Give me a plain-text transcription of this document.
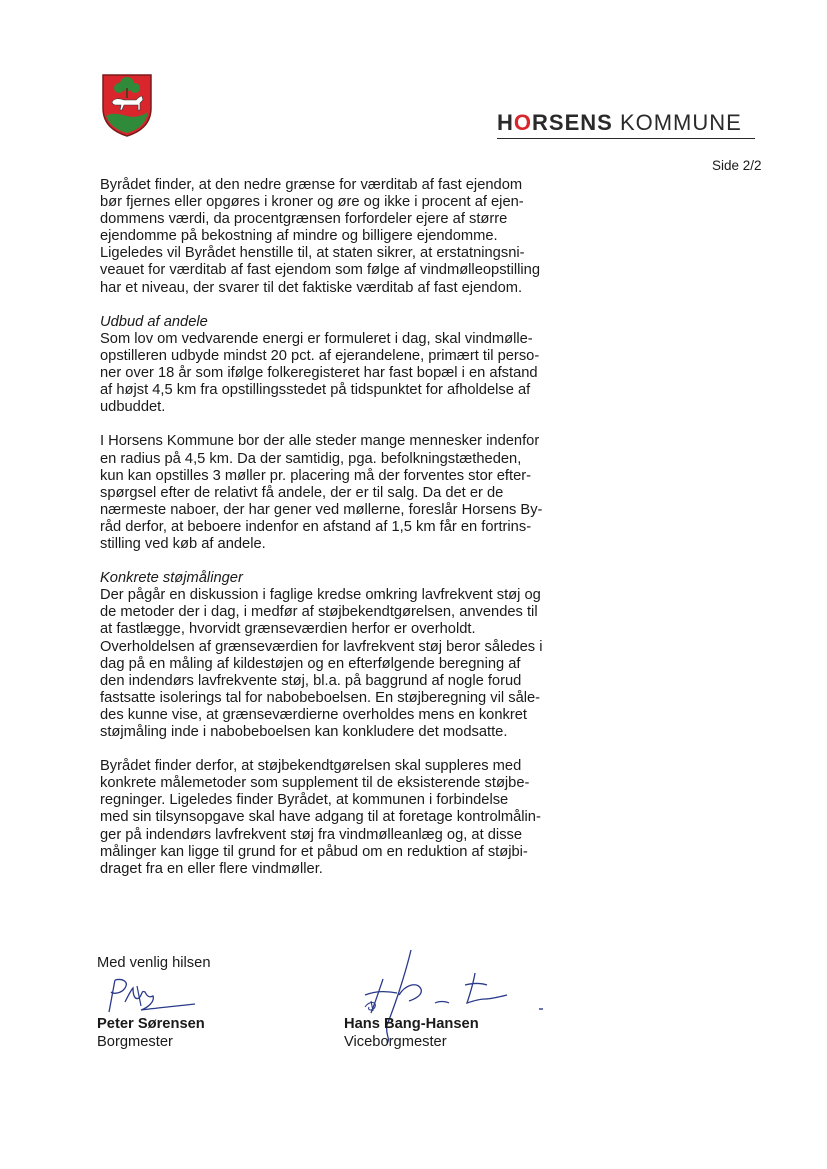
HORSENS KOMMUNE
Side 2/2
Byrådet finder, at den nedre grænse for værditab af fast ejendom
bør fjernes eller opgøres i kroner og øre og ikke i procent af ejen-
dommens værdi, da procentgrænsen forfordeler ejere af større
ejendomme på bekostning af mindre og billigere ejendomme.
Ligeledes vil Byrådet henstille til, at staten sikrer, at erstatningsni-
veauet for værditab af fast ejendom som følge af vindmølleopstilling
har et niveau, der svarer til det faktiske værditab af fast ejendom.
Udbud af andele
Som lov om vedvarende energi er formuleret i dag, skal vindmølle-
opstilleren udbyde mindst 20 pct. af ejerandelene, primært til perso-
ner over 18 år som ifølge folkeregisteret har fast bopæl i en afstand
af højst 4,5 km fra opstillingsstedet på tidspunktet for afholdelse af
udbuddet.
I Horsens Kommune bor der alle steder mange mennesker indenfor
en radius på 4,5 km. Da der samtidig, pga. befolkningstætheden,
kun kan opstilles 3 møller pr. placering må der forventes stor efter-
spørgsel efter de relativt få andele, der er til salg. Da det er de
nærmeste naboer, der har gener ved møllerne, foreslår Horsens By-
råd derfor, at beboere indenfor en afstand af 1,5 km får en fortrins-
stilling ved køb af andele.
Konkrete støjmålinger
Der pågår en diskussion i faglige kredse omkring lavfrekvent støj og
de metoder der i dag, i medfør af støjbekendtgørelsen, anvendes til
at fastlægge, hvorvidt grænseværdien herfor er overholdt.
Overholdelsen af grænseværdien for lavfrekvent støj beror således i
dag på en måling af kildestøjen og en efterfølgende beregning af
den indendørs lavfrekvente støj, bl.a. på baggrund af nogle forud
fastsatte isolerings tal for nabobeboelsen. En støjberegning vil såle-
des kunne vise, at grænseværdierne overholdes mens en konkret
støjmåling inde i nabobeboelsen kan konkludere det modsatte.
Byrådet finder derfor, at støjbekendtgørelsen skal suppleres med
konkrete målemetoder som supplement til de eksisterende støjbe-
regninger. Ligeledes finder Byrådet, at kommunen i forbindelse
med sin tilsynsopgave skal have adgang til at foretage kontrolmålin-
ger på indendørs lavfrekvent støj fra vindmølleanlæg og, at disse
målinger kan ligge til grund for et påbud om en reduktion af støjbi-
draget fra en eller flere vindmøller.
Med venlig hilsen
Peter Sørensen
Borgmester
Hans Bang-Hansen
Viceborgmester
